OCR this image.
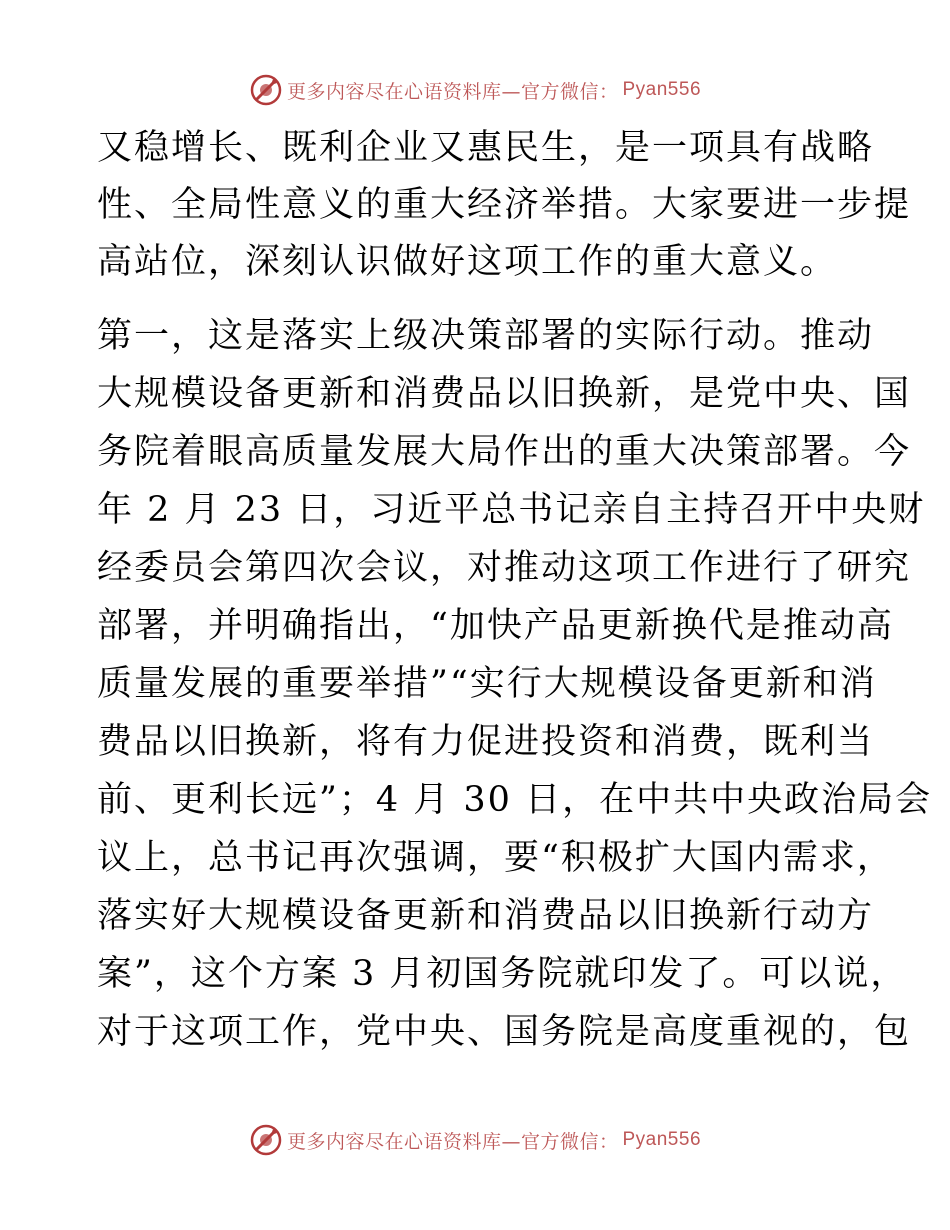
更多内容尽在心语资料库—官方微信： Pyan556
又稳增长、既利企业又惠民生，是一项具有战略
性、全局性意义的重大经济举措。大家要进一步提
高站位，深刻认识做好这项工作的重大意义。
第一，这是落实上级决策部署的实际行动。推动
大规模设备更新和消费品以旧换新，是党中央、国
务院着眼高质量发展大局作出的重大决策部署。今
年 2 月 23 日，习近平总书记亲自主持召开中央财
经委员会第四次会议，对推动这项工作进行了研究
部署，并明确指出，“加快产品更新换代是推动高
质量发展的重要举措”“实行大规模设备更新和消
费品以旧换新，将有力促进投资和消费，既利当
前、更利长远”；4 月 30 日，在中共中央政治局会
议上，总书记再次强调，要“积极扩大国内需求，
落实好大规模设备更新和消费品以旧换新行动方
案”，这个方案 3 月初国务院就印发了。可以说，
对于这项工作，党中央、国务院是高度重视的，包
更多内容尽在心语资料库—官方微信： Pyan556
